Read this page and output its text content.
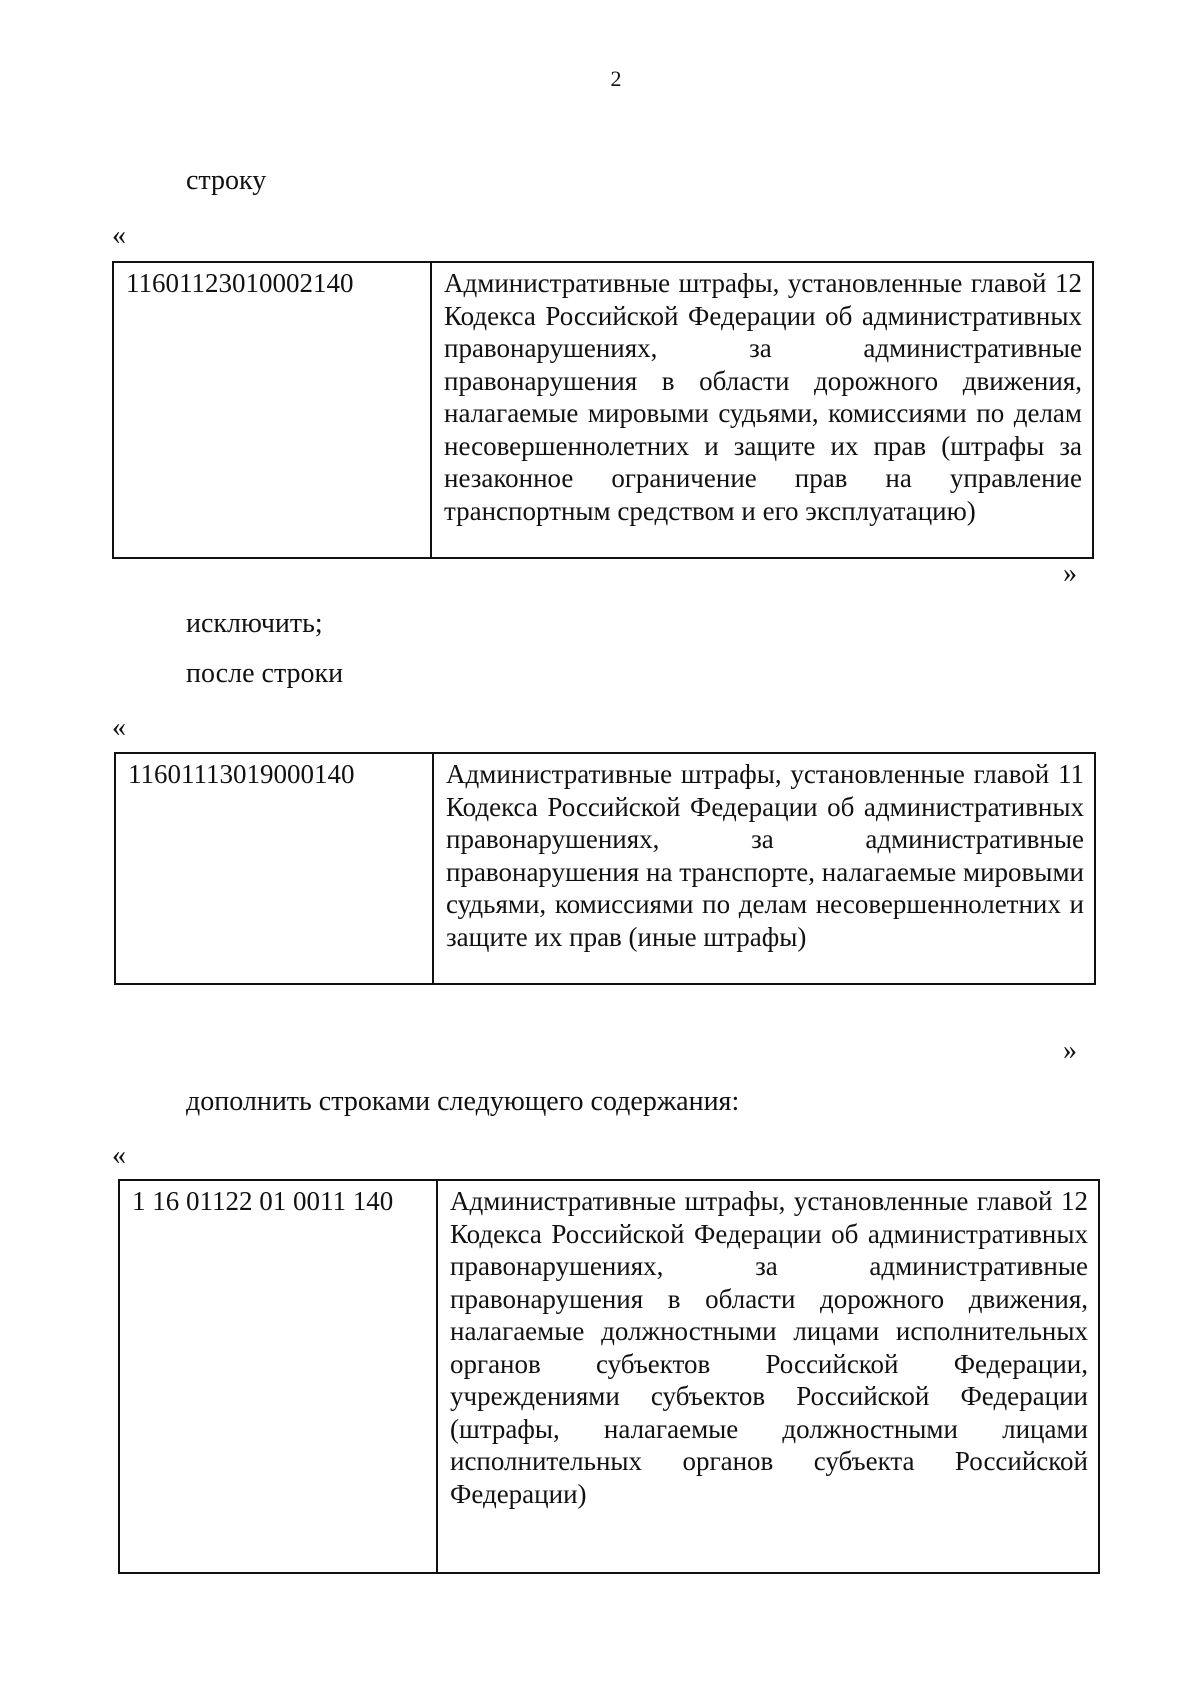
2
строку
«
11601123010002140	Административные штрафы, установленные главой 12 Кодекса Российской Федерации об административных правонарушениях, за административные правонарушения в области дорожного движения, налагаемые мировыми судьями, комиссиями по делам несовершеннолетних и защите их прав (штрафы за незаконное ограничение прав на управление транспортным средством и его эксплуатацию)
»
исключить;
после строки
«
11601113019000140	Административные штрафы, установленные главой 11 Кодекса Российской Федерации об административных правонарушениях, за административные правонарушения на транспорте, налагаемые мировыми судьями, комиссиями по делам несовершеннолетних и защите их прав (иные штрафы)
»
дополнить строками следующего содержания:
«
1 16 01122 01 0011 140	Административные штрафы, установленные главой 12 Кодекса Российской Федерации об административных правонарушениях, за административные правонарушения в области дорожного движения, налагаемые должностными лицами исполнительных органов субъектов Российской Федерации, учреждениями субъектов Российской Федерации (штрафы, налагаемые должностными лицами исполнительных органов субъекта Российской Федерации)
